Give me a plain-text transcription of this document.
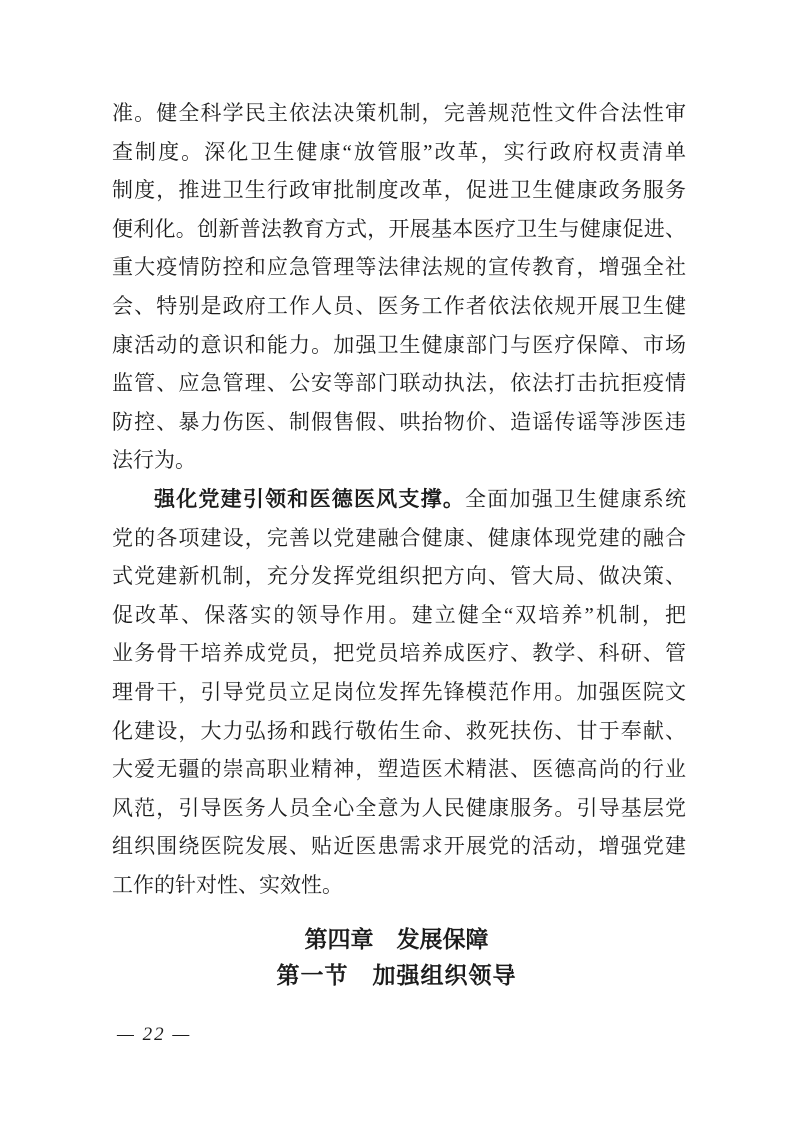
准。健全科学民主依法决策机制，完善规范性文件合法性审
查制度。深化卫生健康“放管服”改革，实行政府权责清单
制度，推进卫生行政审批制度改革，促进卫生健康政务服务
便利化。创新普法教育方式，开展基本医疗卫生与健康促进、
重大疫情防控和应急管理等法律法规的宣传教育，增强全社
会、特别是政府工作人员、医务工作者依法依规开展卫生健
康活动的意识和能力。加强卫生健康部门与医疗保障、市场
监管、应急管理、公安等部门联动执法，依法打击抗拒疫情
防控、暴力伤医、制假售假、哄抬物价、造谣传谣等涉医违
法行为。
强化党建引领和医德医风支撑。全面加强卫生健康系统
党的各项建设，完善以党建融合健康、健康体现党建的融合
式党建新机制，充分发挥党组织把方向、管大局、做决策、
促改革、保落实的领导作用。建立健全“双培养”机制，把
业务骨干培养成党员，把党员培养成医疗、教学、科研、管
理骨干，引导党员立足岗位发挥先锋模范作用。加强医院文
化建设，大力弘扬和践行敬佑生命、救死扶伤、甘于奉献、
大爱无疆的崇高职业精神，塑造医术精湛、医德高尚的行业
风范，引导医务人员全心全意为人民健康服务。引导基层党
组织围绕医院发展、贴近医患需求开展党的活动，增强党建
工作的针对性、实效性。
第四章　发展保障
第一节　加强组织领导
— 22 —
